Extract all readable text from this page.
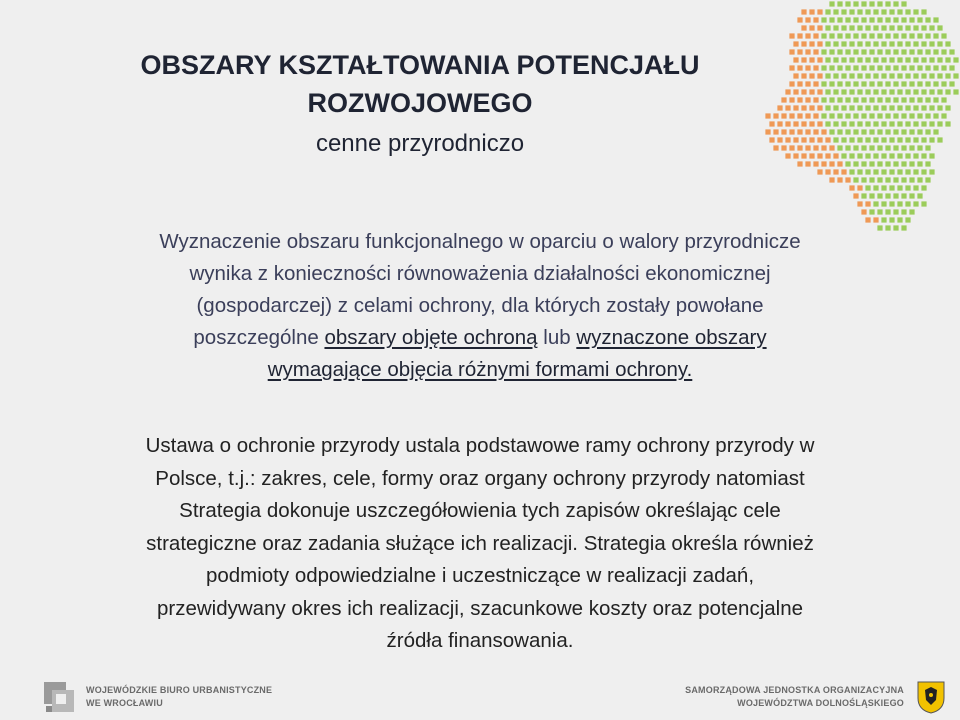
OBSZARY KSZTAŁTOWANIA POTENCJAŁU
ROZWOJOWEGO
cenne przyrodniczo
Wyznaczenie obszaru funkcjonalnego w oparciu o walory przyrodnicze
wynika z konieczności równoważenia działalności ekonomicznej
(gospodarczej) z celami ochrony, dla których zostały powołane
poszczególne obszary objęte ochroną lub wyznaczone obszary
wymagające objęcia różnymi formami ochrony.
Ustawa o ochronie przyrody ustala podstawowe ramy ochrony przyrody w
Polsce, t.j.: zakres, cele, formy oraz organy ochrony przyrody natomiast
Strategia dokonuje uszczegółowienia tych zapisów określając cele
strategiczne oraz zadania służące ich realizacji. Strategia określa również
podmioty odpowiedzialne i uczestniczące w realizacji zadań,
przewidywany okres ich realizacji, szacunkowe koszty oraz potencjalne
źródła finansowania.
WOJEWÓDZKIE BIURO URBANISTYCZNE
WE WROCŁAWIU
SAMORZĄDOWA JEDNOSTKA ORGANIZACYJNA
WOJEWÓDZTWA DOLNOŚLĄSKIEGO
